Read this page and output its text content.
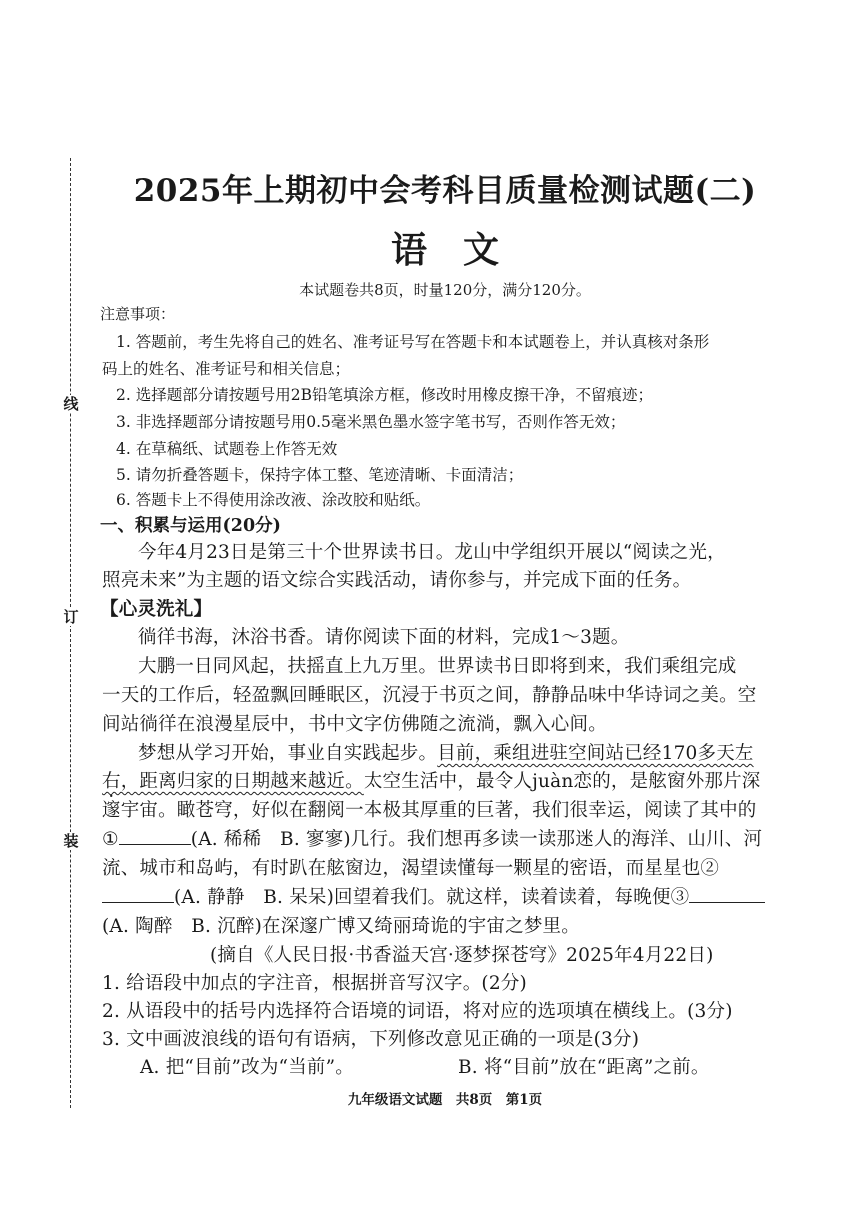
线
订
装
2025年上期初中会考科目质量检测试题(二)
语文
本试题卷共8页，时量120分，满分120分。
注意事项：
1. 答题前，考生先将自己的姓名、准考证号写在答题卡和本试题卷上，并认真核对条形
码上的姓名、准考证号和相关信息；
2. 选择题部分请按题号用2B铅笔填涂方框，修改时用橡皮擦干净，不留痕迹；
3. 非选择题部分请按题号用0.5毫米黑色墨水签字笔书写，否则作答无效；
4. 在草稿纸、试题卷上作答无效
5. 请勿折叠答题卡，保持字体工整、笔迹清晰、卡面清洁；
6. 答题卡上不得使用涂改液、涂改胶和贴纸。
一、积累与运用(20分)
今年4月23日是第三十个世界读书日。龙山中学组织开展以“阅读之光，
照亮未来”为主题的语文综合实践活动，请你参与，并完成下面的任务。
【心灵洗礼】
徜徉书海，沐浴书香。请你阅读下面的材料，完成1～3题。
大鹏一日同风起，扶摇直上九万里。世界读书日即将到来，我们乘组完成
一天的工作后，轻盈飘回睡眠区，沉浸于书页之间，静静品味中华诗词之美。空
间站徜徉在浪漫星辰中，书中文字仿佛随之流淌，飘入心间。
梦想从学习开始，事业自实践起步。目前，乘组进驻空间站已经170多天左
右，距离归家的日期越来越近。太空生活中，最令人juàn恋的，是舷窗外那片深
邃宇宙。瞰苍穹，好似在翻阅一本极其厚重的巨著，我们很幸运，阅读了其中的
①	(A. 稀稀　B. 寥寥)几行。我们想再多读一读那迷人的海洋、山川、河
流、城市和岛屿，有时趴在舷窗边，渴望读懂每一颗星的密语，而星星也②
(A. 静静　B. 呆呆)回望着我们。就这样，读着读着，每晚便③
(A. 陶醉　B. 沉醉)在深邃广博又绮丽琦诡的宇宙之梦里。
(摘自《人民日报·书香溢天宫·逐梦探苍穹》2025年4月22日)
1. 给语段中加点的字注音，根据拼音写汉字。(2分)
2. 从语段中的括号内选择符合语境的词语，将对应的选项填在横线上。(3分)
3. 文中画波浪线的语句有语病，下列修改意见正确的一项是(3分)
A. 把“目前”改为“当前”。	B. 将“目前”放在“距离”之前。
九年级语文试题　共8页　第1页
